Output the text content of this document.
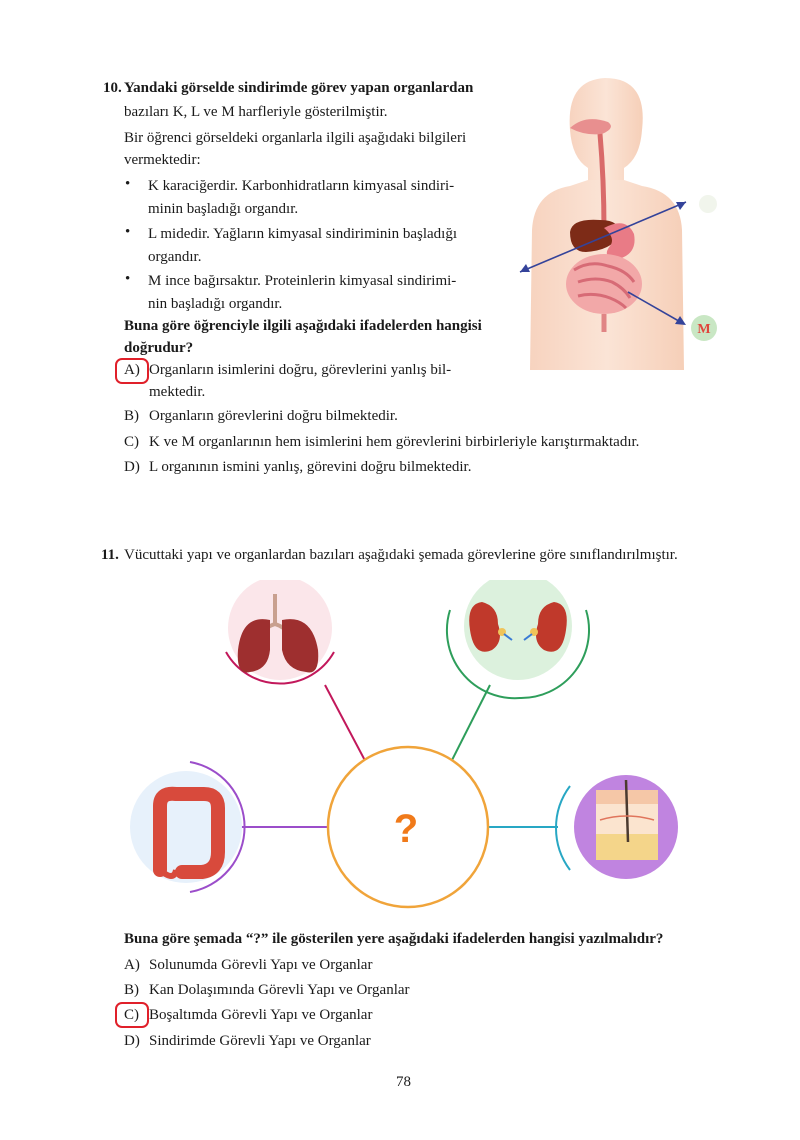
10. Yandaki görselde sindirimde görev yapan organlardan
bazıları K, L ve M harfleriyle gösterilmiştir.
Bir öğrenci görseldeki organlarla ilgili aşağıdaki bilgileri
vermektedir:
• K karaciğerdir. Karbonhidratların kimyasal sindiri-
minin başladığı organdır.
• L midedir. Yağların kimyasal sindiriminin başladığı
organdır.
• M ince bağırsaktır. Proteinlerin kimyasal sindirimi-
nin başladığı organdır.
Buna göre öğrenciyle ilgili aşağıdaki ifadelerden hangisi
doğrudur?
A) Organların isimlerini doğru, görevlerini yanlış bil-
mektedir.
B) Organların görevlerini doğru bilmektedir.
C) K ve M organlarının hem isimlerini hem görevlerini birbirleriyle karıştırmaktadır.
D) L organının ismini yanlış, görevini doğru bilmektedir.
M
11. Vücuttaki yapı ve organlardan bazıları aşağıdaki şemada görevlerine göre sınıflandırılmıştır.
?
Buna göre şemada “?” ile gösterilen yere aşağıdaki ifadelerden hangisi yazılmalıdır?
A) Solunumda Görevli Yapı ve Organlar
B) Kan Dolaşımında Görevli Yapı ve Organlar
C) Boşaltımda Görevli Yapı ve Organlar
D) Sindirimde Görevli Yapı ve Organlar
78
